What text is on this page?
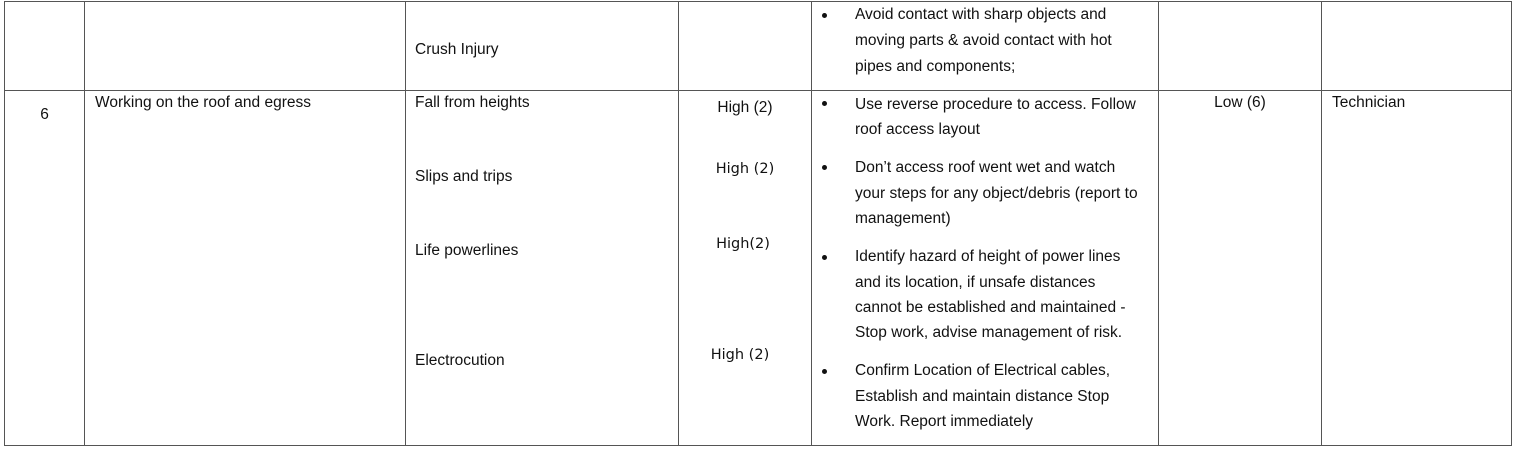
Crush Injury
Avoid contact with sharp objects and
moving parts & avoid contact with hot
pipes and components;
6
Working on the roof and egress	Fall from heights
Slips and trips
Life powerlines
Electrocution
High (2)
High (2)
High(2)
High (2)
Use reverse procedure to access. Follow
roof access layout
Don’t access roof went wet and watch
your steps for any object/debris (report to
management)
Identify hazard of height of power lines
and its location, if unsafe distances
cannot be established and maintained -
Stop work, advise management of risk.
Confirm Location of Electrical cables,
Establish and maintain distance Stop
Work. Report immediately
Low (6)	Technician
